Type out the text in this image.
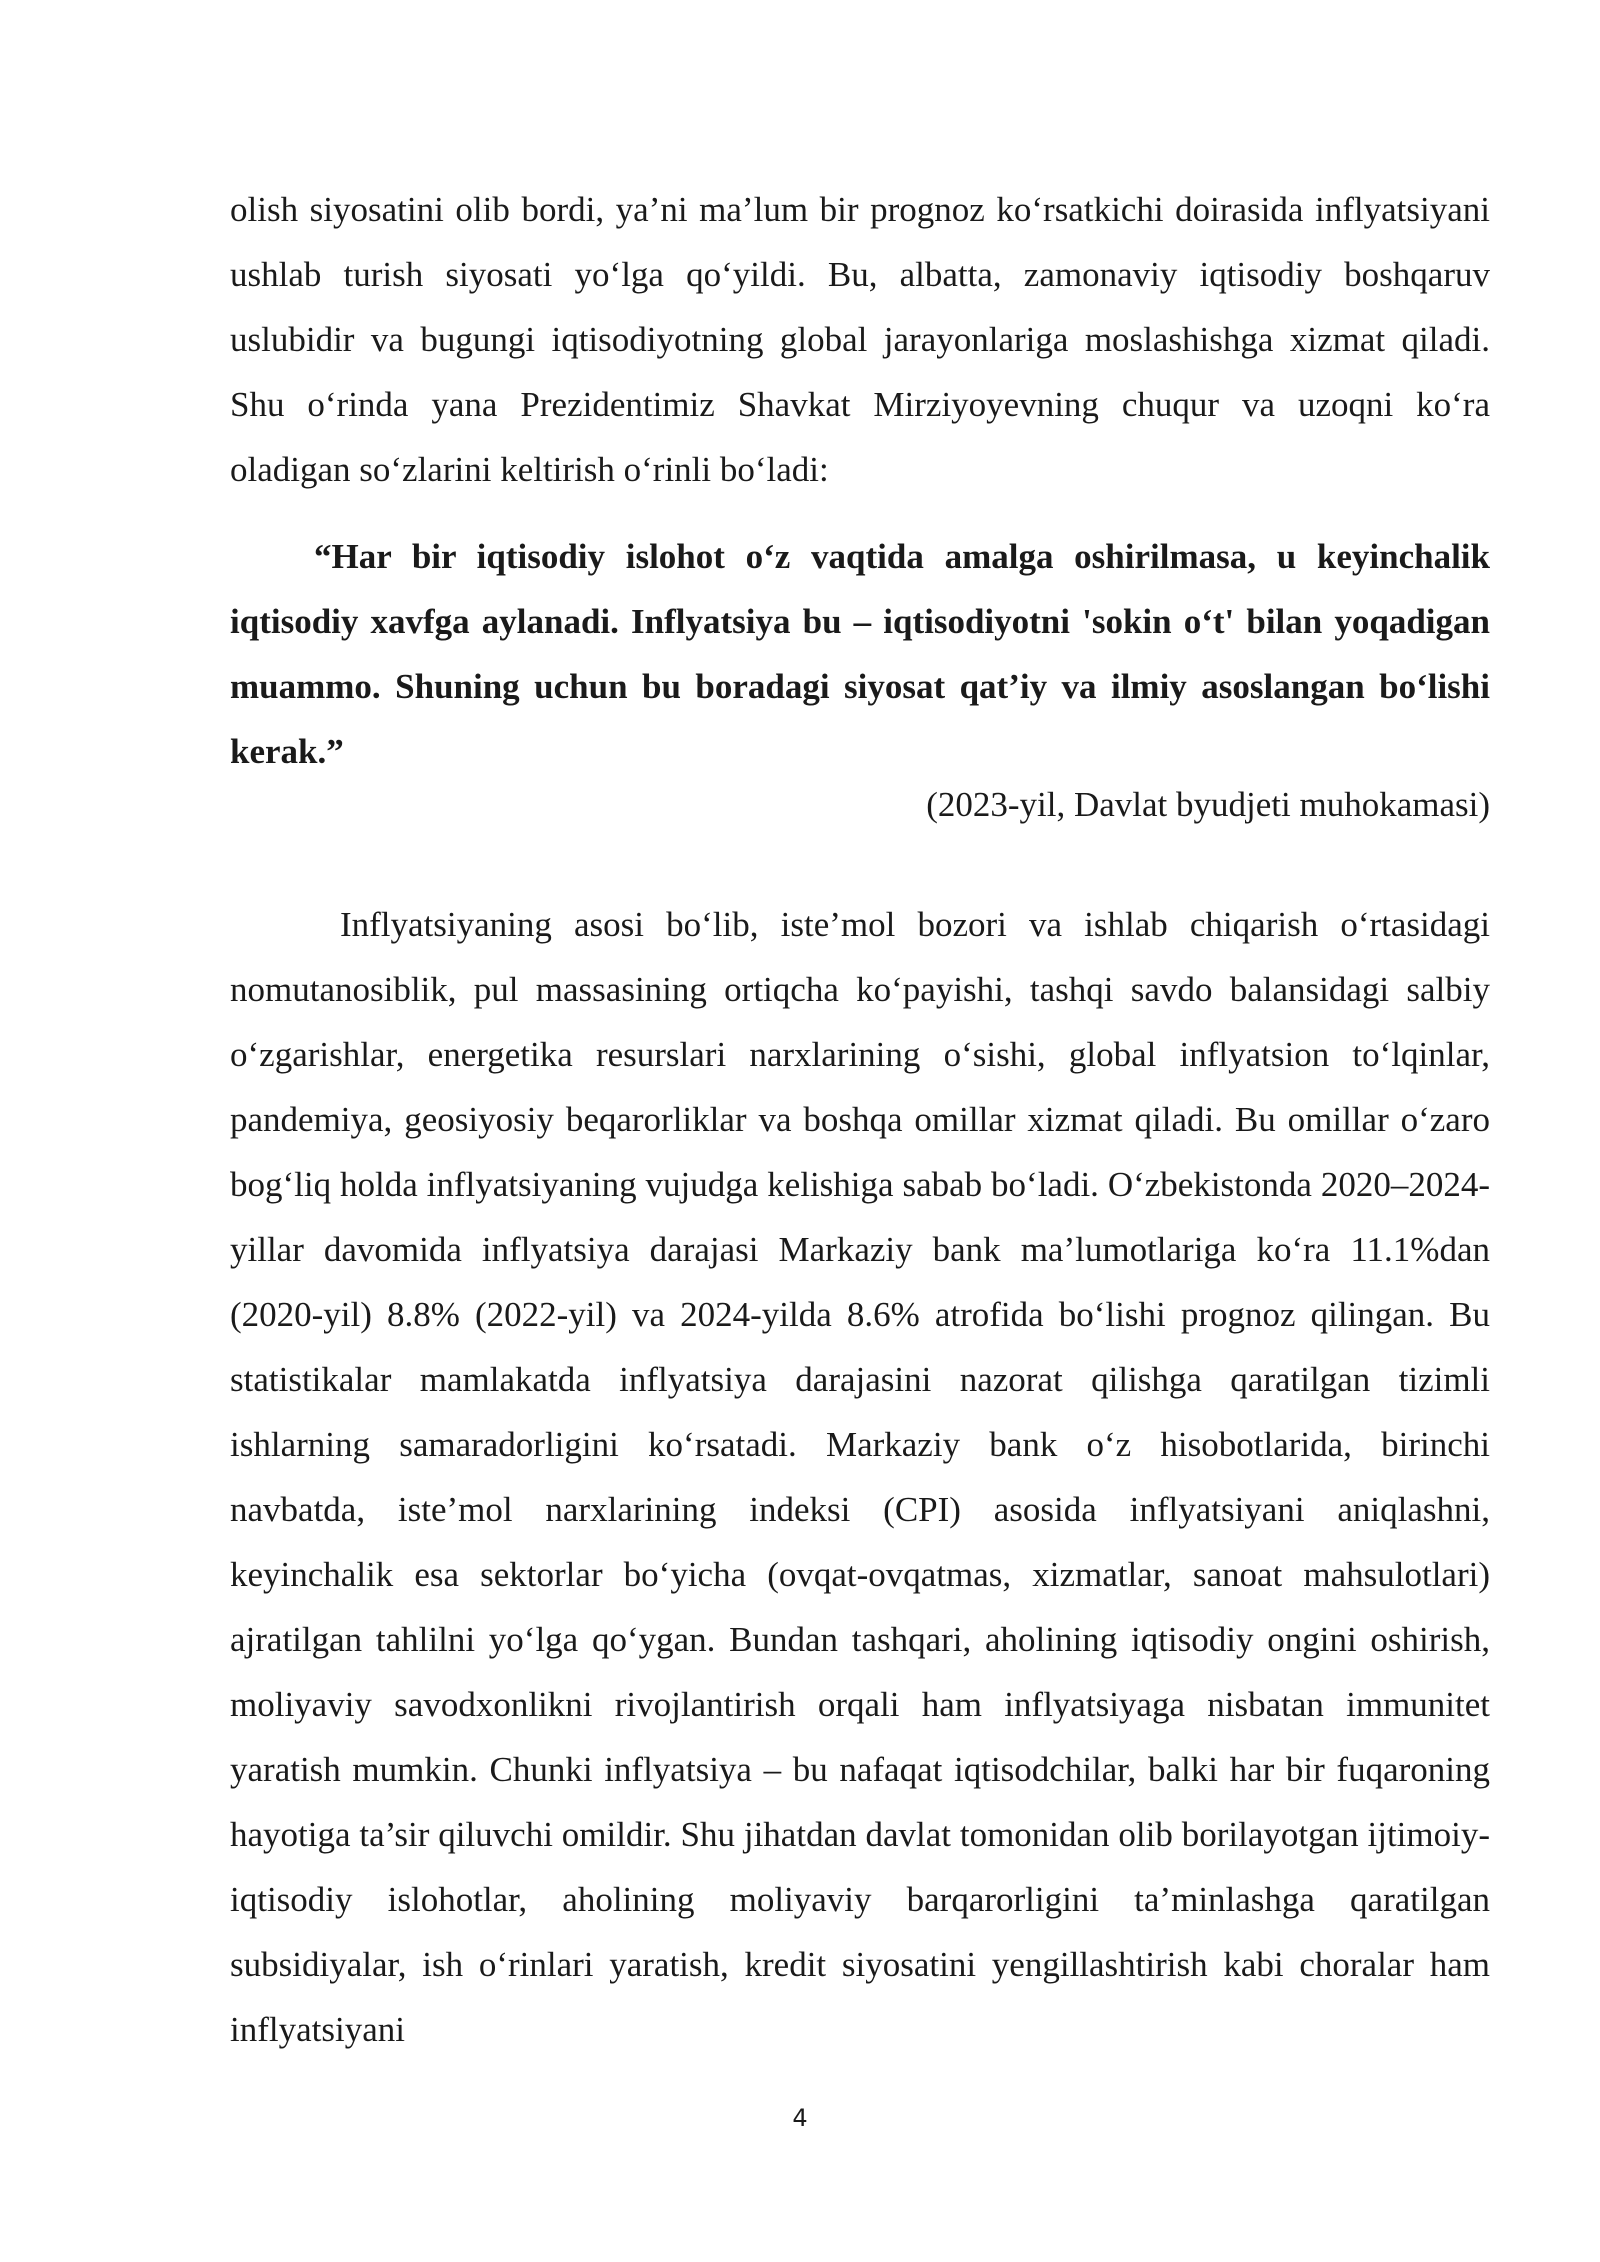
olish siyosatini olib bordi, ya’ni ma’lum bir prognoz ko‘rsatkichi doirasida inflyatsiyani ushlab turish siyosati yo‘lga qo‘yildi. Bu, albatta, zamonaviy iqtisodiy boshqaruv uslubidir va bugungi iqtisodiyotning global jarayonlariga moslashishga xizmat qiladi. Shu o‘rinda yana Prezidentimiz Shavkat Mirziyoyevning chuqur va uzoqni ko‘ra oladigan so‘zlarini keltirish o‘rinli bo‘ladi:

“Har bir iqtisodiy islohot o‘z vaqtida amalga oshirilmasa, u keyinchalik iqtisodiy xavfga aylanadi. Inflyatsiya bu – iqtisodiyotni 'sokin o‘t' bilan yoqadigan muammo. Shuning uchun bu boradagi siyosat qat’iy va ilmiy asoslangan bo‘lishi kerak.”

(2023-yil, Davlat byudjeti muhokamasi)

Inflyatsiyaning asosi bo‘lib, iste’mol bozori va ishlab chiqarish o‘rtasidagi nomutanosiblik, pul massasining ortiqcha ko‘payishi, tashqi savdo balansidagi salbiy o‘zgarishlar, energetika resurslari narxlarining o‘sishi, global inflyatsion to‘lqinlar, pandemiya, geosiyosiy beqarorliklar va boshqa omillar xizmat qiladi. Bu omillar o‘zaro bog‘liq holda inflyatsiyaning vujudga kelishiga sabab bo‘ladi. O‘zbekistonda 2020–2024-yillar davomida inflyatsiya darajasi Markaziy bank ma’lumotlariga ko‘ra 11.1%dan (2020-yil) 8.8% (2022-yil) va 2024-yilda 8.6% atrofida bo‘lishi prognoz qilingan. Bu statistikalar mamlakatda inflyatsiya darajasini nazorat qilishga qaratilgan tizimli ishlarning samaradorligini ko‘rsatadi. Markaziy bank o‘z hisobotlarida, birinchi navbatda, iste’mol narxlarining indeksi (CPI) asosida inflyatsiyani aniqlashni, keyinchalik esa sektorlar bo‘yicha (ovqat-ovqatmas, xizmatlar, sanoat mahsulotlari) ajratilgan tahlilni yo‘lga qo‘ygan. Bundan tashqari, aholining iqtisodiy ongini oshirish, moliyaviy savodxonlikni rivojlantirish orqali ham inflyatsiyaga nisbatan immunitet yaratish mumkin. Chunki inflyatsiya – bu nafaqat iqtisodchilar, balki har bir fuqaroning hayotiga ta’sir qiluvchi omildir. Shu jihatdan davlat tomonidan olib borilayotgan ijtimoiy-iqtisodiy islohotlar, aholining moliyaviy barqarorligini ta’minlashga qaratilgan subsidiyalar, ish o‘rinlari yaratish, kredit siyosatini yengillashtirish kabi choralar ham inflyatsiyani

4
